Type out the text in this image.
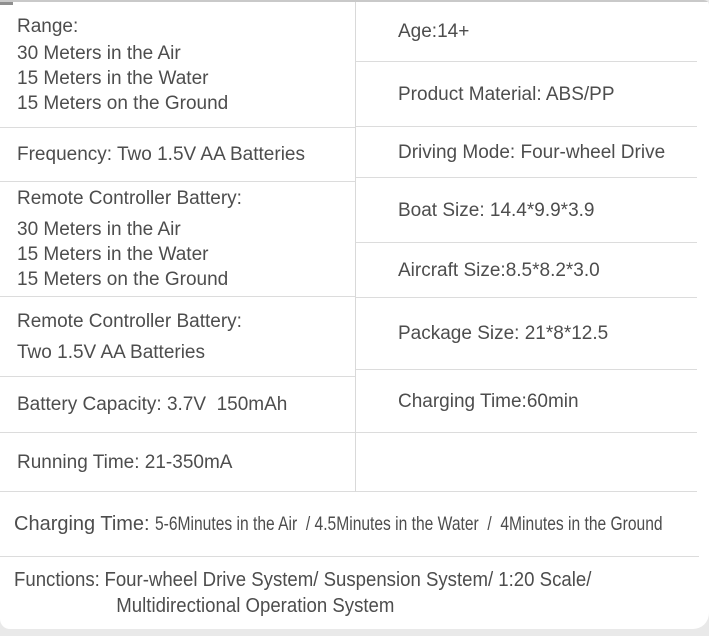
Range:
30 Meters in the Air
15 Meters in the Water
15 Meters on the Ground
Frequency: Two 1.5V AA Batteries
Remote Controller Battery:
30 Meters in the Air
15 Meters in the Water
15 Meters on the Ground
Remote Controller Battery:
Two 1.5V AA Batteries
Battery Capacity: 3.7V  150mAh
Running Time: 21-350mA
Age:14+
Product Material: ABS/PP
Driving Mode: Four-wheel Drive
Boat Size: 14.4*9.9*3.9
Aircraft Size:8.5*8.2*3.0
Package Size: 21*8*12.5
Charging Time:60min
Charging Time: 5-6Minutes in the Air  / 4.5Minutes in the Water  /  4Minutes in the Ground
Functions: Four-wheel Drive System/ Suspension System/ 1:20 Scale/
Multidirectional Operation System
